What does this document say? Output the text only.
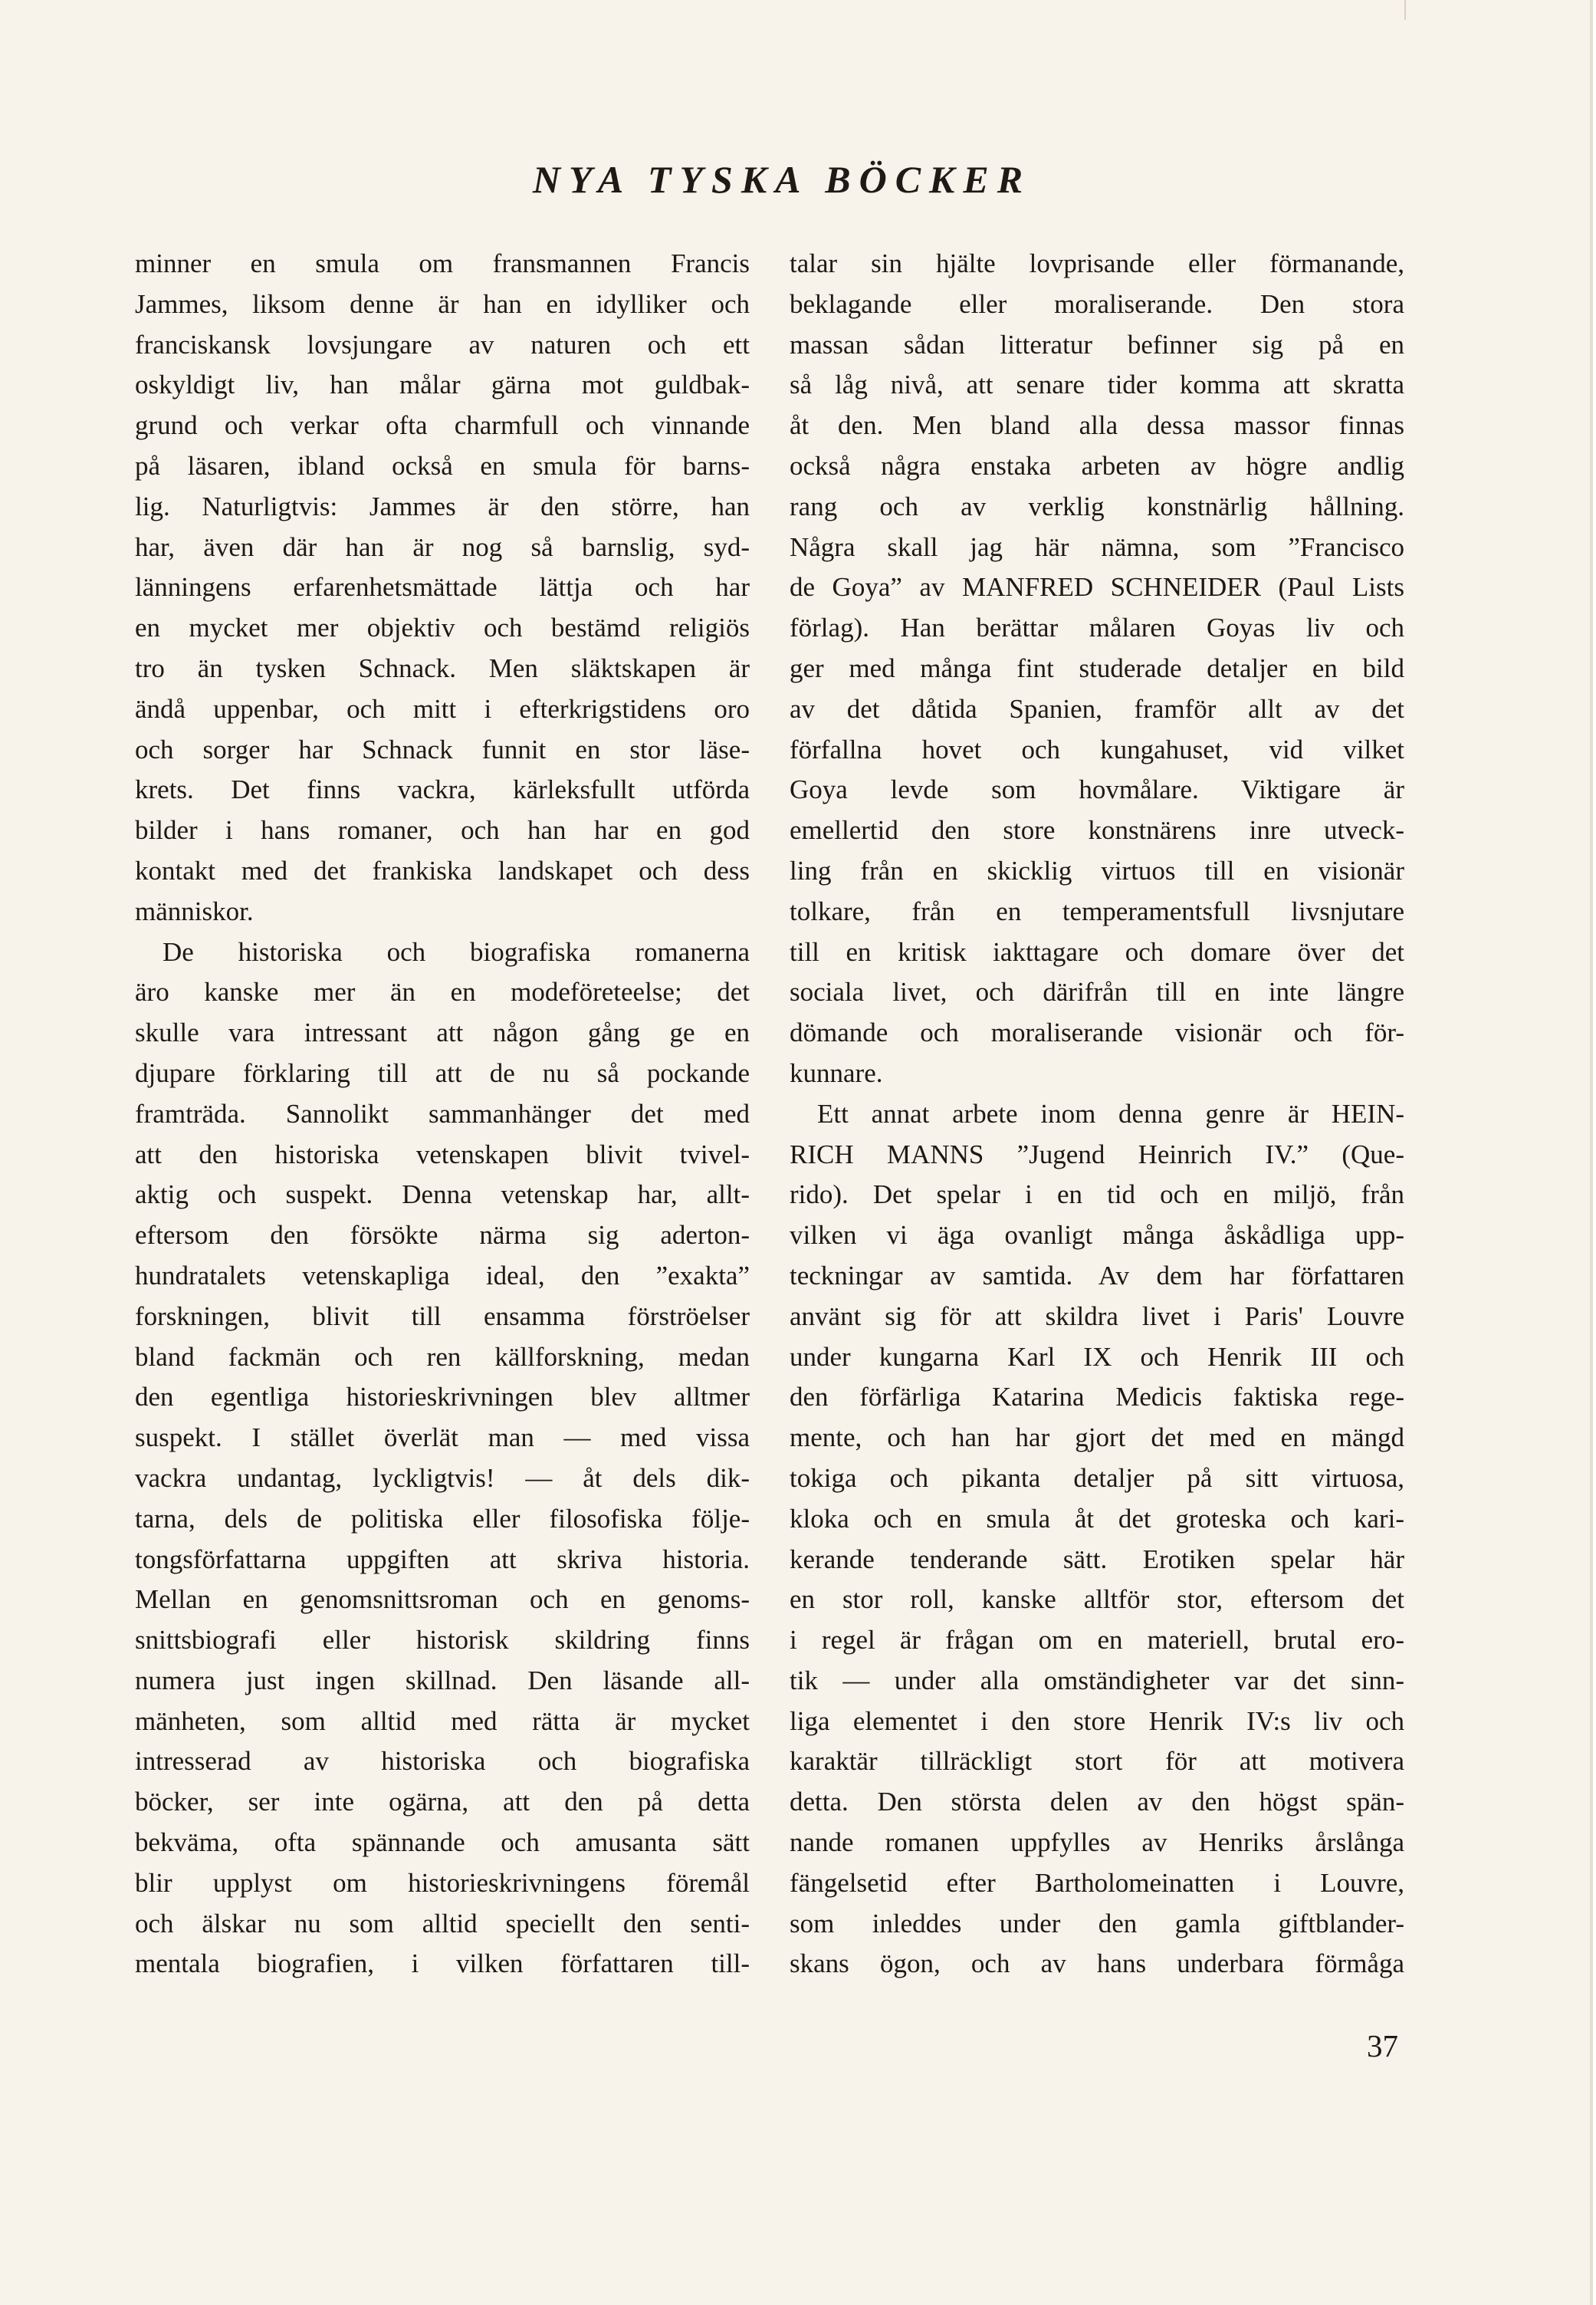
NYA TYSKA BÖCKER
minner en smula om fransmannen Francis
Jammes, liksom denne är han en idylliker och
franciskansk lovsjungare av naturen och ett
oskyldigt liv, han målar gärna mot guldbak-
grund och verkar ofta charmfull och vinnande
på läsaren, ibland också en smula för barns-
lig. Naturligtvis: Jammes är den större, han
har, även där han är nog så barnslig, syd-
länningens erfarenhetsmättade lättja och har
en mycket mer objektiv och bestämd religiös
tro än tysken Schnack. Men släktskapen är
ändå uppenbar, och mitt i efterkrigstidens oro
och sorger har Schnack funnit en stor läse-
krets. Det finns vackra, kärleksfullt utförda
bilder i hans romaner, och han har en god
kontakt med det frankiska landskapet och dess
människor.
De historiska och biografiska romanerna
äro kanske mer än en modeföreteelse; det
skulle vara intressant att någon gång ge en
djupare förklaring till att de nu så pockande
framträda. Sannolikt sammanhänger det med
att den historiska vetenskapen blivit tvivel-
aktig och suspekt. Denna vetenskap har, allt-
eftersom den försökte närma sig aderton-
hundratalets vetenskapliga ideal, den ”exakta”
forskningen, blivit till ensamma förströelser
bland fackmän och ren källforskning, medan
den egentliga historieskrivningen blev alltmer
suspekt. I stället överlät man — med vissa
vackra undantag, lyckligtvis! — åt dels dik-
tarna, dels de politiska eller filosofiska följe-
tongsförfattarna uppgiften att skriva historia.
Mellan en genomsnittsroman och en genoms-
snittsbiografi eller historisk skildring finns
numera just ingen skillnad. Den läsande all-
mänheten, som alltid med rätta är mycket
intresserad av historiska och biografiska
böcker, ser inte ogärna, att den på detta
bekväma, ofta spännande och amusanta sätt
blir upplyst om historieskrivningens föremål
och älskar nu som alltid speciellt den senti-
mentala biografien, i vilken författaren till-
talar sin hjälte lovprisande eller förmanande,
beklagande eller moraliserande. Den stora
massan sådan litteratur befinner sig på en
så låg nivå, att senare tider komma att skratta
åt den. Men bland alla dessa massor finnas
också några enstaka arbeten av högre andlig
rang och av verklig konstnärlig hållning.
Några skall jag här nämna, som ”Francisco
de Goya” av MANFRED SCHNEIDER (Paul Lists
förlag). Han berättar målaren Goyas liv och
ger med många fint studerade detaljer en bild
av det dåtida Spanien, framför allt av det
förfallna hovet och kungahuset, vid vilket
Goya levde som hovmålare. Viktigare är
emellertid den store konstnärens inre utveck-
ling från en skicklig virtuos till en visionär
tolkare, från en temperamentsfull livsnjutare
till en kritisk iakttagare och domare över det
sociala livet, och därifrån till en inte längre
dömande och moraliserande visionär och för-
kunnare.
Ett annat arbete inom denna genre är HEIN-
RICH MANNS ”Jugend Heinrich IV.” (Que-
rido). Det spelar i en tid och en miljö, från
vilken vi äga ovanligt många åskådliga upp-
teckningar av samtida. Av dem har författaren
använt sig för att skildra livet i Paris' Louvre
under kungarna Karl IX och Henrik III och
den förfärliga Katarina Medicis faktiska rege-
mente, och han har gjort det med en mängd
tokiga och pikanta detaljer på sitt virtuosa,
kloka och en smula åt det groteska och kari-
kerande tenderande sätt. Erotiken spelar här
en stor roll, kanske alltför stor, eftersom det
i regel är frågan om en materiell, brutal ero-
tik — under alla omständigheter var det sinn-
liga elementet i den store Henrik IV:s liv och
karaktär tillräckligt stort för att motivera
detta. Den största delen av den högst spän-
nande romanen uppfylles av Henriks årslånga
fängelsetid efter Bartholomeinatten i Louvre,
som inleddes under den gamla giftblander-
skans ögon, och av hans underbara förmåga
37
